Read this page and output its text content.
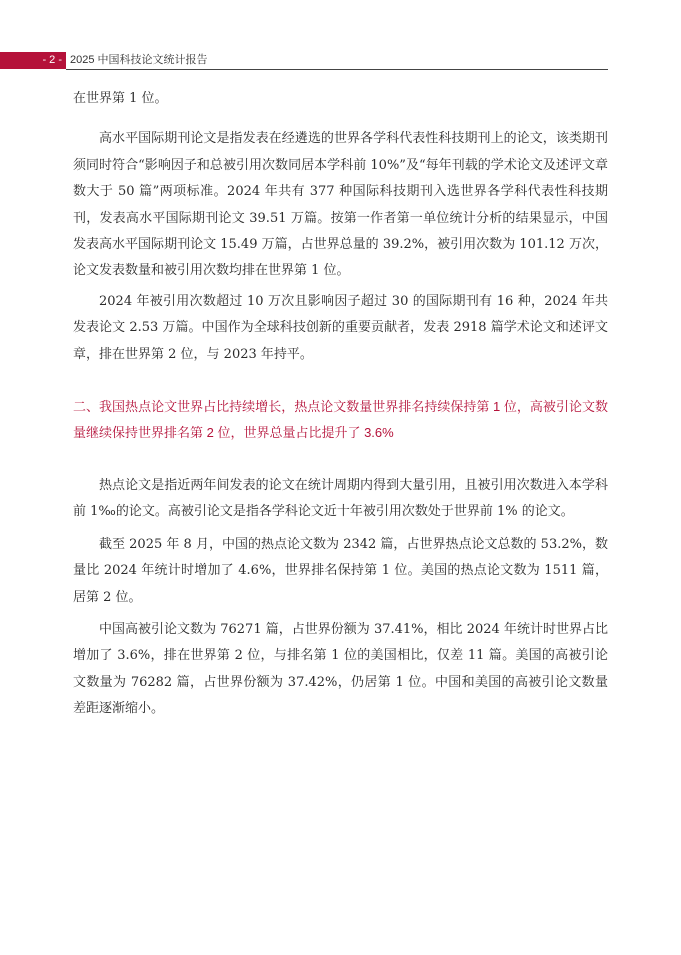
- 2 - 2025 中国科技论文统计报告

在世界第 1 位。

高水平国际期刊论文是指发表在经遴选的世界各学科代表性科技期刊上的论文，该类期刊须同时符合“影响因子和总被引用次数同居本学科前 10%”及“每年刊载的学术论文及述评文章数大于 50 篇”两项标准。2024 年共有 377 种国际科技期刊入选世界各学科代表性科技期刊，发表高水平国际期刊论文 39.51 万篇。按第一作者第一单位统计分析的结果显示，中国发表高水平国际期刊论文 15.49 万篇，占世界总量的 39.2%，被引用次数为 101.12 万次，论文发表数量和被引用次数均排在世界第 1 位。

2024 年被引用次数超过 10 万次且影响因子超过 30 的国际期刊有 16 种，2024 年共发表论文 2.53 万篇。中国作为全球科技创新的重要贡献者，发表 2918 篇学术论文和述评文章，排在世界第 2 位，与 2023 年持平。

二、我国热点论文世界占比持续增长，热点论文数量世界排名持续保持第 1 位，高被引论文数量继续保持世界排名第 2 位，世界总量占比提升了 3.6%

热点论文是指近两年间发表的论文在统计周期内得到大量引用，且被引用次数进入本学科前 1‰的论文。高被引论文是指各学科论文近十年被引用次数处于世界前 1% 的论文。

截至 2025 年 8 月，中国的热点论文数为 2342 篇，占世界热点论文总数的 53.2%，数量比 2024 年统计时增加了 4.6%，世界排名保持第 1 位。美国的热点论文数为 1511 篇，居第 2 位。

中国高被引论文数为 76271 篇，占世界份额为 37.41%，相比 2024 年统计时世界占比增加了 3.6%，排在世界第 2 位，与排名第 1 位的美国相比，仅差 11 篇。美国的高被引论文数量为 76282 篇，占世界份额为 37.42%，仍居第 1 位。中国和美国的高被引论文数量差距逐渐缩小。
